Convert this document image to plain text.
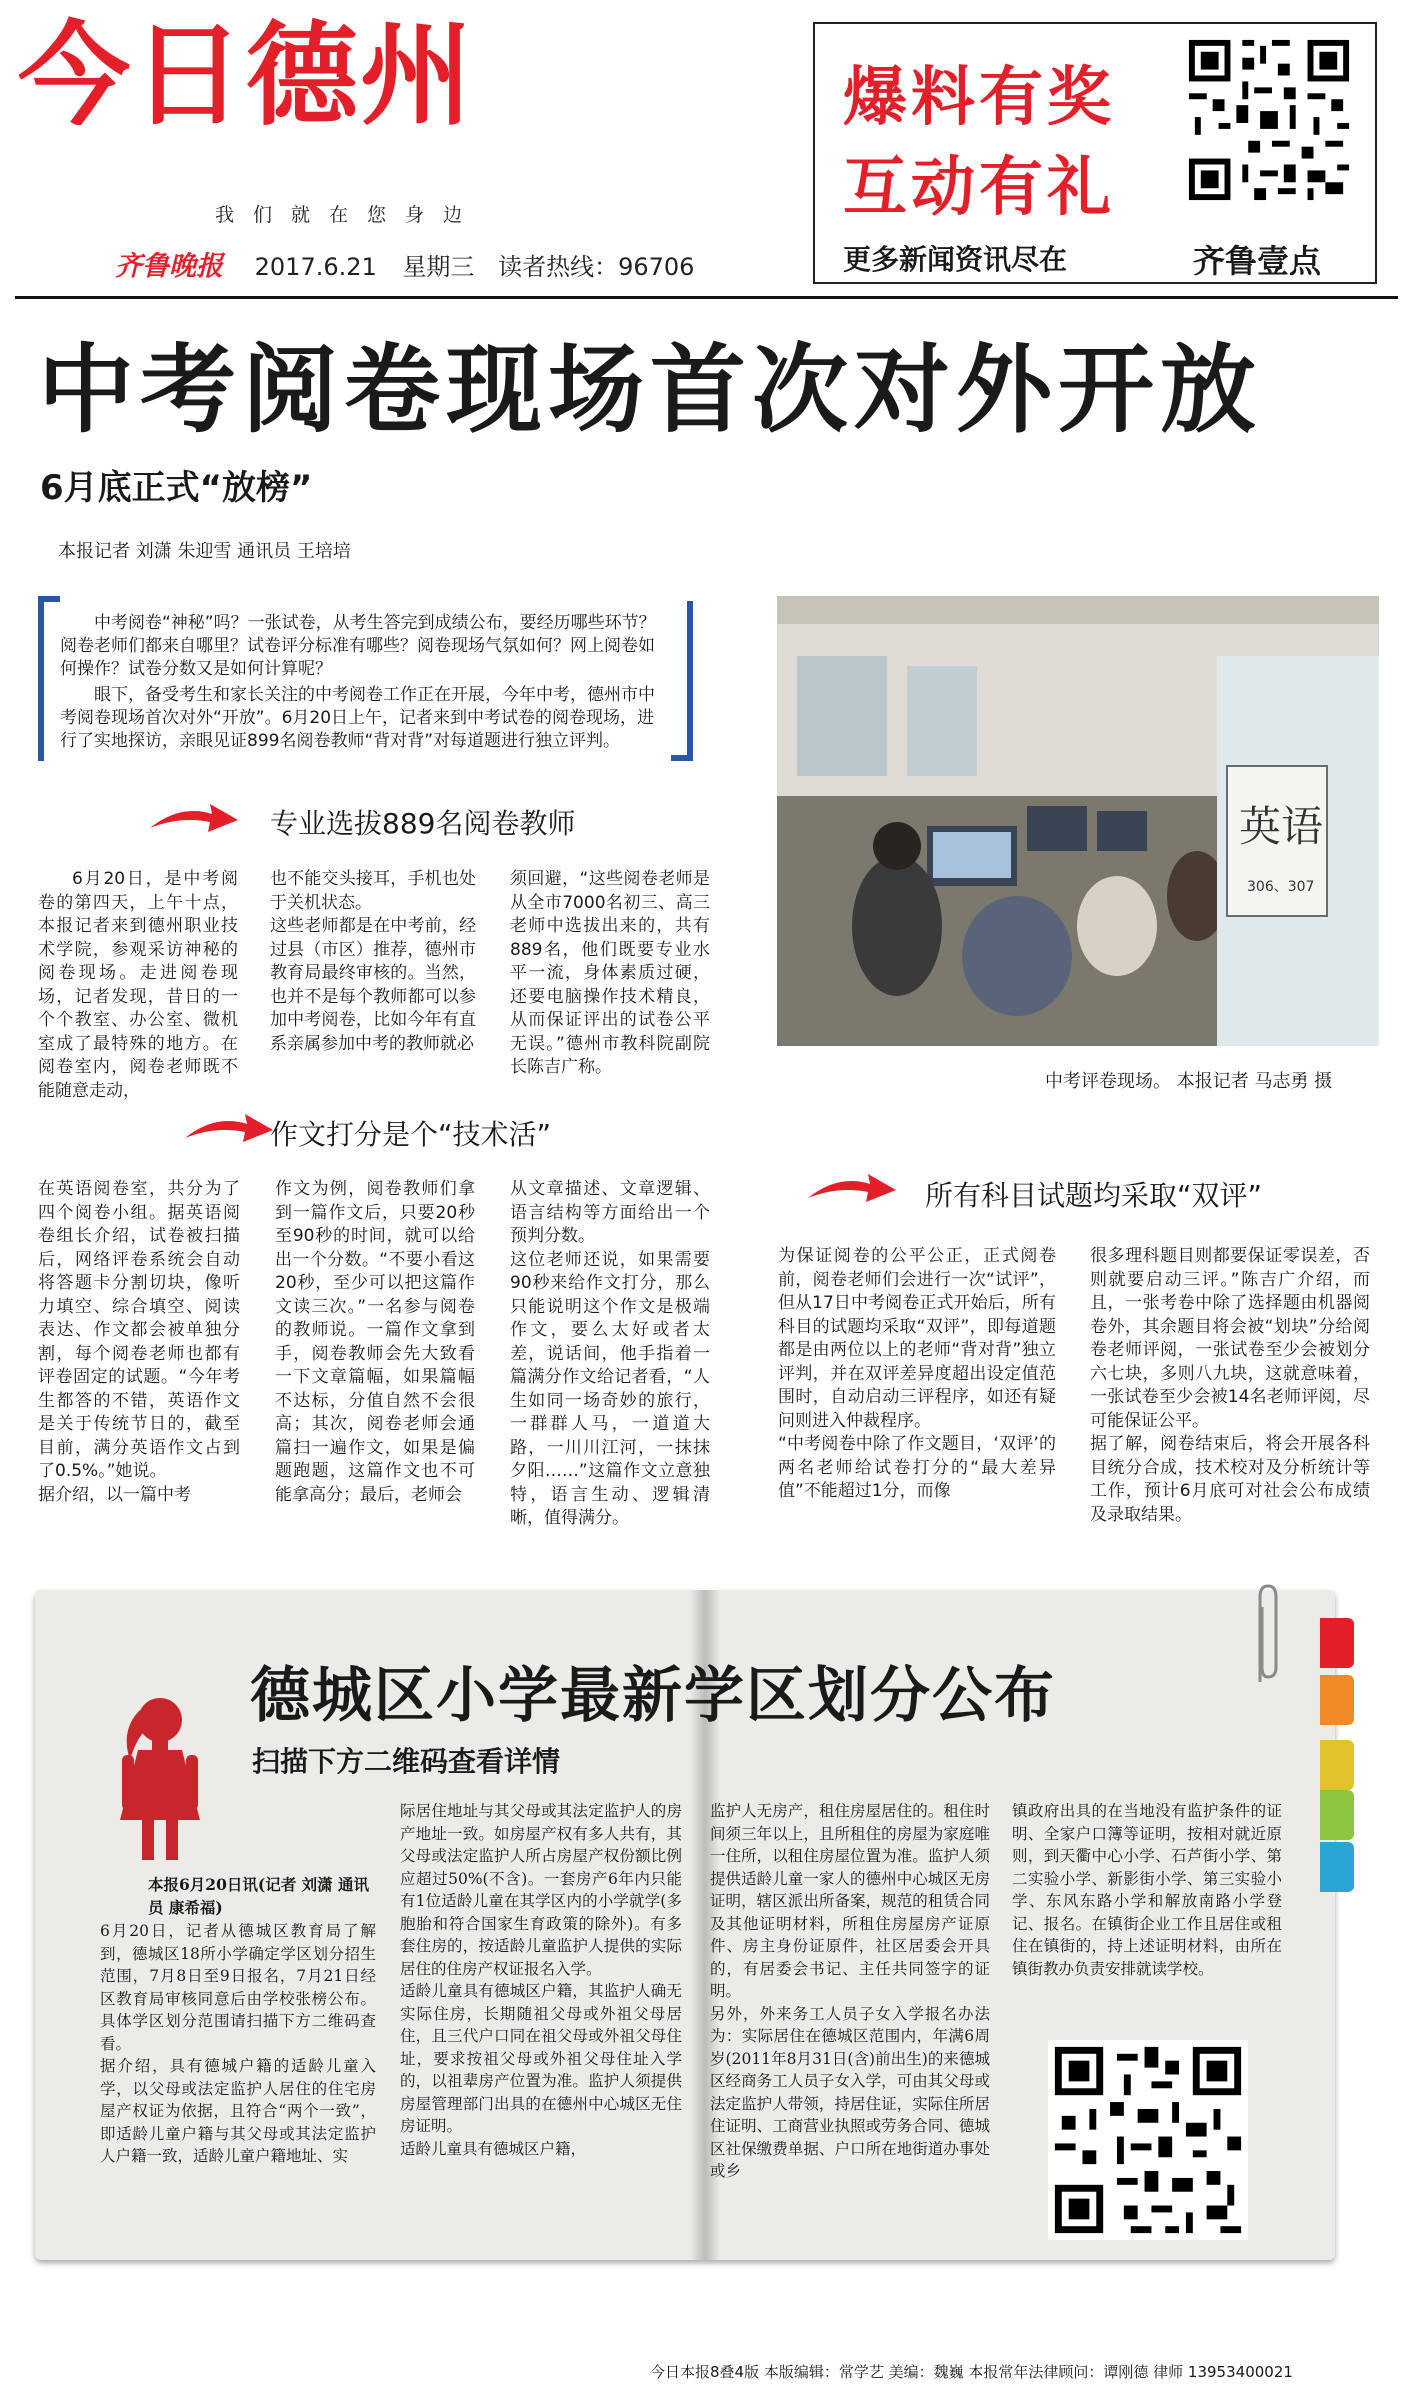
今日德州
我们就在您身边
齐鲁晚报 2017.6.21 星期三 读者热线：96706
爆料有奖
互动有礼
更多新闻资讯尽在	齐鲁壹点
中考阅卷现场首次对外开放
6月底正式“放榜”
本报记者 刘潇 朱迎雪 通讯员 王培培

中考阅卷“神秘”吗？一张试卷，从考生答完到成绩公布，要经历哪些环节？阅卷老师们都来自哪里？试卷评分标准有哪些？阅卷现场气氛如何？网上阅卷如何操作？试卷分数又是如何计算呢？

眼下，备受考生和家长关注的中考阅卷工作正在开展，今年中考，德州市中考阅卷现场首次对外“开放”。6月20日上午，记者来到中考试卷的阅卷现场，进行了实地探访，亲眼见证899名阅卷教师“背对背”对每道题进行独立评判。

英语
306、307
中考评卷现场。 本报记者 马志勇 摄
专业选拔889名阅卷教师

6月20日，是中考阅卷的第四天，上午十点，本报记者来到德州职业技术学院，参观采访神秘的阅卷现场。走进阅卷现场，记者发现，昔日的一个个教室、办公室、微机室成了最特殊的地方。在阅卷室内，阅卷老师既不能随意走动，

也不能交头接耳，手机也处于关机状态。
这些老师都是在中考前，经过县（市区）推荐，德州市教育局最终审核的。当然，也并不是每个教师都可以参加中考阅卷，比如今年有直系亲属参加中考的教师就必

须回避，“这些阅卷老师是从全市7000名初三、高三老师中选拔出来的，共有889名，他们既要专业水平一流，身体素质过硬，还要电脑操作技术精良，从而保证评出的试卷公平无误。”德州市教科院副院长陈吉广称。

作文打分是个“技术活”

在英语阅卷室，共分为了四个阅卷小组。据英语阅卷组长介绍，试卷被扫描后，网络评卷系统会自动将答题卡分割切块，像听力填空、综合填空、阅读表达、作文都会被单独分割，每个阅卷老师也都有评卷固定的试题。“今年考生都答的不错，英语作文是关于传统节日的，截至目前，满分英语作文占到了0.5%。”她说。
据介绍，以一篇中考

作文为例，阅卷教师们拿到一篇作文后，只要20秒至90秒的时间，就可以给出一个分数。“不要小看这20秒，至少可以把这篇作文读三次。”一名参与阅卷的教师说。一篇作文拿到手，阅卷教师会先大致看一下文章篇幅，如果篇幅不达标，分值自然不会很高；其次，阅卷老师会通篇扫一遍作文，如果是偏题跑题，这篇作文也不可能拿高分；最后，老师会

从文章描述、文章逻辑、语言结构等方面给出一个预判分数。
这位老师还说，如果需要90秒来给作文打分，那么只能说明这个作文是极端作文，要么太好或者太差，说话间，他手指着一篇满分作文给记者看，“人生如同一场奇妙的旅行，一群群人马，一道道大路，一川川江河，一抹抹夕阳……”这篇作文立意独特，语言生动、逻辑清晰，值得满分。

所有科目试题均采取“双评”

为保证阅卷的公平公正，正式阅卷前，阅卷老师们会进行一次“试评”，但从17日中考阅卷正式开始后，所有科目的试题均采取“双评”，即每道题都是由两位以上的老师“背对背”独立评判，并在双评差异度超出设定值范围时，自动启动三评程序，如还有疑问则进入仲裁程序。
“中考阅卷中除了作文题目，‘双评’的两名老师给试卷打分的“最大差异值”不能超过1分，而像

很多理科题目则都要保证零误差，否则就要启动三评。”陈吉广介绍，而且，一张考卷中除了选择题由机器阅卷外，其余题目将会被“划块”分给阅卷老师评阅，一张试卷至少会被划分六七块，多则八九块，这就意味着，一张试卷至少会被14名老师评阅，尽可能保证公平。
据了解，阅卷结束后，将会开展各科目统分合成，技术校对及分析统计等工作，预计6月底可对社会公布成绩及录取结果。

德城区小学最新学区划分公布
扫描下方二维码查看详情
本报6月20日讯(记者 刘潇 通讯员 康希福)

6月20日，记者从德城区教育局了解到，德城区18所小学确定学区划分招生范围，7月8日至9日报名，7月21日经区教育局审核同意后由学校张榜公布。具体学区划分范围请扫描下方二维码查看。
据介绍，具有德城户籍的适龄儿童入学，以父母或法定监护人居住的住宅房屋产权证为依据，且符合“两个一致”，即适龄儿童户籍与其父母或其法定监护人户籍一致，适龄儿童户籍地址、实

际居住地址与其父母或其法定监护人的房产地址一致。如房屋产权有多人共有，其父母或法定监护人所占房屋产权份额比例应超过50%(不含)。一套房产6年内只能有1位适龄儿童在其学区内的小学就学(多胞胎和符合国家生育政策的除外)。有多套住房的，按适龄儿童监护人提供的实际居住的住房产权证报名入学。
适龄儿童具有德城区户籍，其监护人确无实际住房，长期随祖父母或外祖父母居住，且三代户口同在祖父母或外祖父母住址，要求按祖父母或外祖父母住址入学的，以祖辈房产位置为准。监护人须提供房屋管理部门出具的在德州中心城区无住房证明。
适龄儿童具有德城区户籍，

监护人无房产，租住房屋居住的。租住时间须三年以上，且所租住的房屋为家庭唯一住所，以租住房屋位置为准。监护人须提供适龄儿童一家人的德州中心城区无房证明，辖区派出所备案，规范的租赁合同及其他证明材料，所租住房屋房产证原件、房主身份证原件，社区居委会开具的，有居委会书记、主任共同签字的证明。
另外，外来务工人员子女入学报名办法为：实际居住在德城区范围内，年满6周岁(2011年8月31日(含)前出生)的来德城区经商务工人员子女入学，可由其父母或法定监护人带领，持居住证，实际住所居住证明、工商营业执照或劳务合同、德城区社保缴费单据、户口所在地街道办事处或乡

镇政府出具的在当地没有监护条件的证明、全家户口簿等证明，按相对就近原则，到天衢中心小学、石芦街小学、第二实验小学、新影街小学、第三实验小学、东风东路小学和解放南路小学登记、报名。在镇街企业工作且居住或租住在镇街的，持上述证明材料，由所在镇街教办负责安排就读学校。

今日本报8叠4版 本版编辑：常学艺 美编：魏巍 本报常年法律顾问：谭刚德 律师 13953400021
